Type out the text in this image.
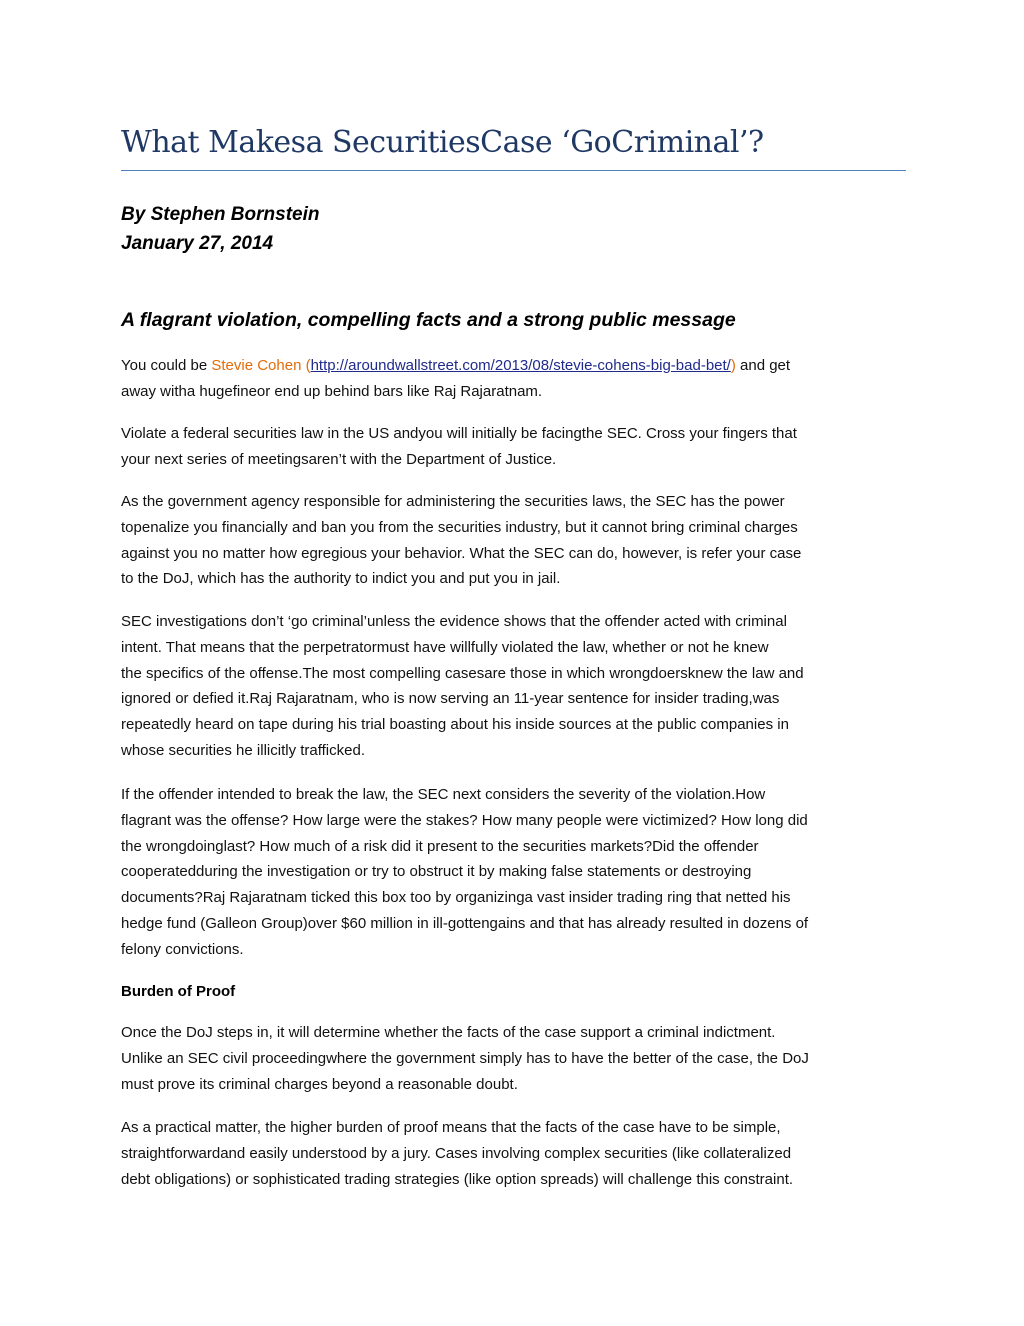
What Makesa SecuritiesCase ‘GoCriminal’?
By Stephen Bornstein
January 27, 2014
A flagrant violation, compelling facts and a strong public message
You could be Stevie Cohen (http://aroundwallstreet.com/2013/08/stevie-cohens-big-bad-bet/) and get
away witha hugefineor end up behind bars like Raj Rajaratnam.
Violate a federal securities law in the US andyou will initially be facingthe SEC. Cross your fingers that
your next series of meetingsaren’t with the Department of Justice.
As the government agency responsible for administering the securities laws, the SEC has the power
topenalize you financially and ban you from the securities industry, but it cannot bring criminal charges
against you no matter how egregious your behavior. What the SEC can do, however, is refer your case
to the DoJ, which has the authority to indict you and put you in jail.
SEC investigations don’t ‘go criminal’unless the evidence shows that the offender acted with criminal
intent. That means that the perpetratormust have willfully violated the law, whether or not he knew
the specifics of the offense.The most compelling casesare those in which wrongdoersknew the law and
ignored or defied it.Raj Rajaratnam, who is now serving an 11-year sentence for insider trading,was
repeatedly heard on tape during his trial boasting about his inside sources at the public companies in
whose securities he illicitly trafficked.
If the offender intended to break the law, the SEC next considers the severity of the violation.How
flagrant was the offense? How large were the stakes? How many people were victimized? How long did
the wrongdoinglast? How much of a risk did it present to the securities markets?Did the offender
cooperatedduring the investigation or try to obstruct it by making false statements or destroying
documents?Raj Rajaratnam ticked this box too by organizinga vast insider trading ring that netted his
hedge fund (Galleon Group)over $60 million in ill-gottengains and that has already resulted in dozens of
felony convictions.
Burden of Proof
Once the DoJ steps in, it will determine whether the facts of the case support a criminal indictment.
Unlike an SEC civil proceedingwhere the government simply has to have the better of the case, the DoJ
must prove its criminal charges beyond a reasonable doubt.
As a practical matter, the higher burden of proof means that the facts of the case have to be simple,
straightforwardand easily understood by a jury. Cases involving complex securities (like collateralized
debt obligations) or sophisticated trading strategies (like option spreads) will challenge this constraint.
